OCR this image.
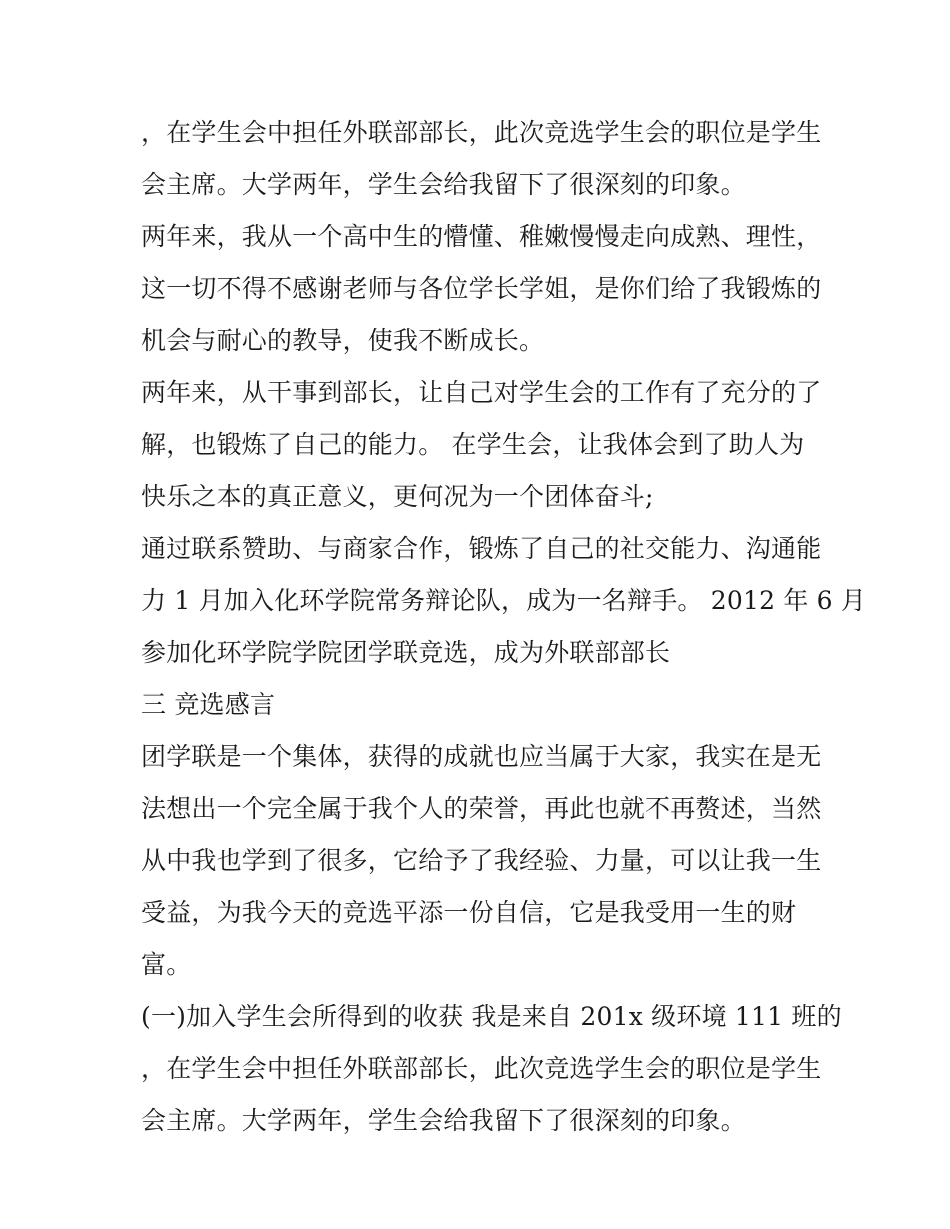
，在学生会中担任外联部部长，此次竞选学生会的职位是学生
会主席。大学两年，学生会给我留下了很深刻的印象。
两年来，我从一个高中生的懵懂、稚嫩慢慢走向成熟、理性，
这一切不得不感谢老师与各位学长学姐，是你们给了我锻炼的
机会与耐心的教导，使我不断成长。
两年来，从干事到部长，让自己对学生会的工作有了充分的了
解，也锻炼了自己的能力。 在学生会，让我体会到了助人为
快乐之本的真正意义，更何况为一个团体奋斗;
通过联系赞助、与商家合作，锻炼了自己的社交能力、沟通能
力 1 月加入化环学院常务辩论队，成为一名辩手。 2012 年 6 月
参加化环学院学院团学联竞选，成为外联部部长
三 竞选感言
团学联是一个集体，获得的成就也应当属于大家，我实在是无
法想出一个完全属于我个人的荣誉，再此也就不再赘述，当然
从中我也学到了很多，它给予了我经验、力量，可以让我一生
受益，为我今天的竞选平添一份自信，它是我受用一生的财
富。
(一)加入学生会所得到的收获 我是来自 201x 级环境 111 班的
，在学生会中担任外联部部长，此次竞选学生会的职位是学生
会主席。大学两年，学生会给我留下了很深刻的印象。
